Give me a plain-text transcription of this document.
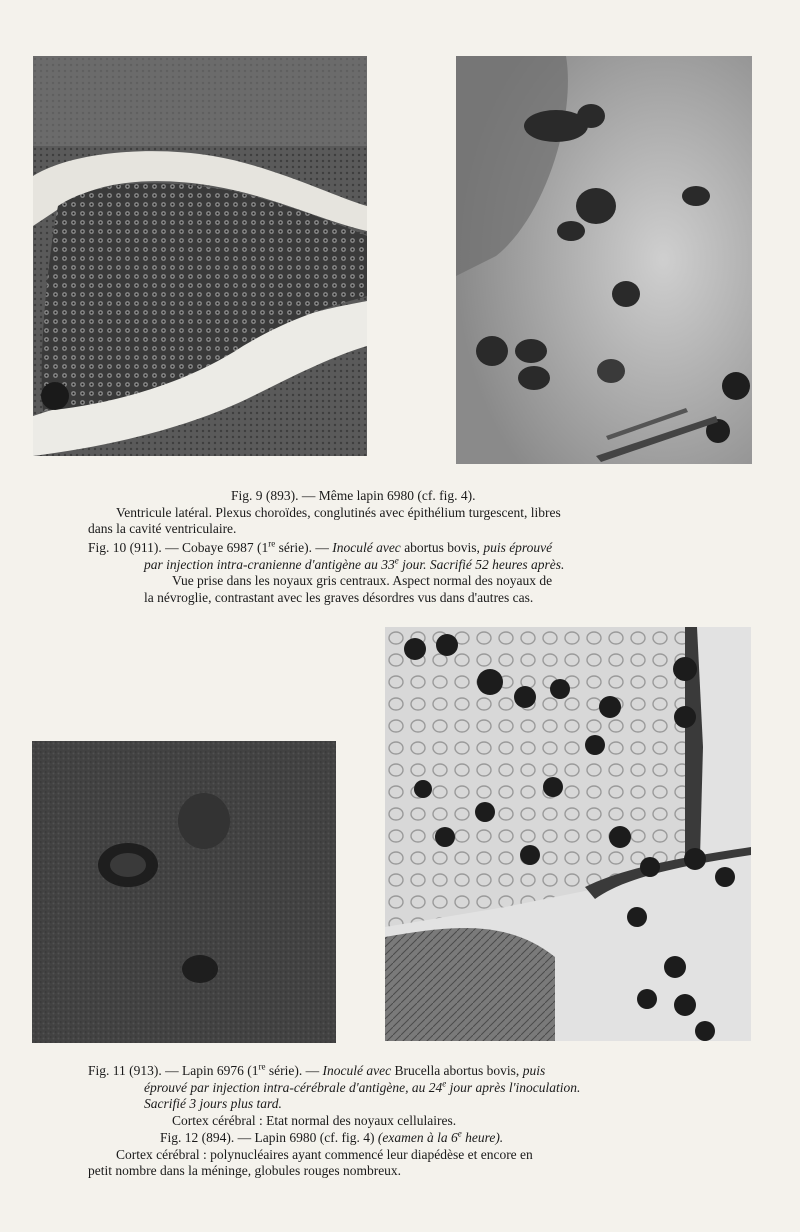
Fig. 9 (893). — Même lapin 6980 (cf. fig. 4).
Ventricule latéral. Plexus choroïdes, conglutinés avec épithélium turgescent, libres
dans la cavité ventriculaire.
Fig. 10 (911). — Cobaye 6987 (1re série). — Inoculé avec abortus bovis, puis éprouvé
par injection intra-cranienne d'antigène au 33e jour. Sacrifié 52 heures après.
Vue prise dans les noyaux gris centraux. Aspect normal des noyaux de
la névroglie, contrastant avec les graves désordres vus dans d'autres cas.
Fig. 11 (913). — Lapin 6976 (1re série). — Inoculé avec Brucella abortus bovis, puis
éprouvé par injection intra-cérébrale d'antigène, au 24e jour après l'inoculation.
Sacrifié 3 jours plus tard.
Cortex cérébral : Etat normal des noyaux cellulaires.
Fig. 12 (894). — Lapin 6980 (cf. fig. 4) (examen à la 6e heure).
Cortex cérébral : polynucléaires ayant commencé leur diapédèse et encore en
petit nombre dans la méninge, globules rouges nombreux.
